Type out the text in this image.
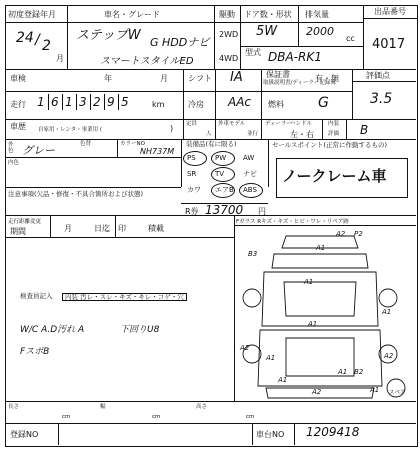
初度登録年月
24 / 2
月
車名・グレード
ステップW G HDDナビ
スマートスタイルED
駆動
2WD
4WD
ドア数・形状
5W
排気量
2000
cc
型式 DBA-RK1
出品番号
4017
車検	年	月	シフト IA	保証書
取扱説明書/ディーラー記録簿
有・無	評価点
3.5
走行 1 6 1 3 2 9 5	km	冷房 AAc 燃料 G
車歴 自家用・レンタ・事業用 (	) 定員
人
外車モデル
並行
ディーラー
ハンドル
左・右
内装
評価 B
外色 グレー	色替	カラーNO
NH737M
内色
装備品(有に限る)
PS	PW AW
SR	TV	ナビ
カワ エアB ABS
R券 13700 円
セールスポイント(正常に作動するもの)
ノークレーム車
注意事項(欠品・修復・不具合箇所および状態)
走行距離変更
期間	月	日迄 印	積載
検査員記入	内装 汚レ・スレ・キズ・キレ・コゲ・穴
W/C A.D汚れ A	下回りU8
FスポB
Fガラス Rキズ・キズ・ヒビ・ワレ・リペア跡
A2 P2
A1
B3
A1
A1
A1
A2
A1	A2
A1 B2
A2
A1
A1 スペア
長さ
cm
幅
cm
高さ
cm
登録NO	車台NO 1209418
